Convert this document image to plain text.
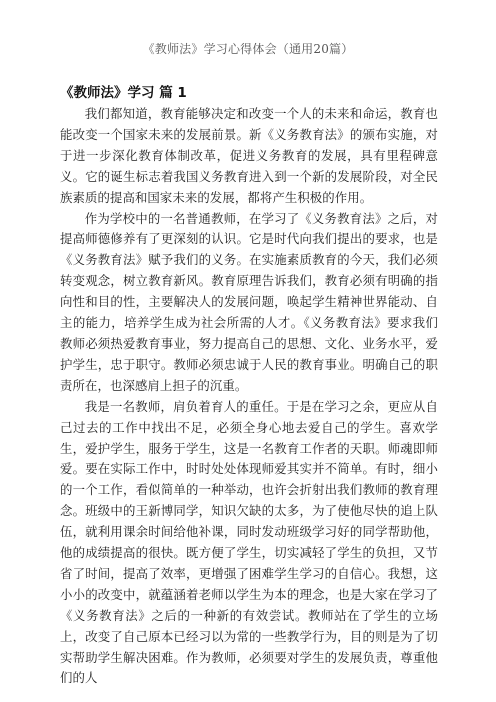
《教师法》学习心得体会（通用20篇）
《教师法》学习 篇 1

我们都知道，教育能够决定和改变一个人的未来和命运，教育也能改变一个国家未来的发展前景。新《义务教育法》的颁布实施，对于进一步深化教育体制改革，促进义务教育的发展，具有里程碑意义。它的诞生标志着我国义务教育进入到一个新的发展阶段，对全民族素质的提高和国家未来的发展，都将产生积极的作用。

作为学校中的一名普通教师，在学习了《义务教育法》之后，对提高师德修养有了更深刻的认识。它是时代向我们提出的要求，也是《义务教育法》赋予我们的义务。在实施素质教育的今天，我们必须转变观念，树立教育新风。教育原理告诉我们，教育必须有明确的指向性和目的性，主要解决人的发展问题，唤起学生精神世界能动、自主的能力，培养学生成为社会所需的人才。《义务教育法》要求我们教师必须热爱教育事业，努力提高自己的思想、文化、业务水平，爱护学生，忠于职守。教师必须忠诚于人民的教育事业。明确自己的职责所在，也深感肩上担子的沉重。

我是一名教师，肩负着育人的重任。于是在学习之余，更应从自己过去的工作中找出不足，必须全身心地去爱自己的学生。喜欢学生，爱护学生，服务于学生，这是一名教育工作者的天职。师魂即师爱。要在实际工作中，时时处处体现师爱其实并不简单。有时，细小的一个工作，看似简单的一种举动，也许会折射出我们教师的教育理念。班级中的王新博同学，知识欠缺的太多，为了使他尽快的追上队伍，就利用课余时间给他补课，同时发动班级学习好的同学帮助他，他的成绩提高的很快。既方便了学生，切实减轻了学生的负担，又节省了时间，提高了效率，更增强了困难学生学习的自信心。我想，这小小的改变中，就蕴涵着老师以学生为本的理念，也是大家在学习了《义务教育法》之后的一种新的有效尝试。教师站在了学生的立场上，改变了自己原本已经习以为常的一些教学行为，目的则是为了切实帮助学生解决困难。作为教师，必须要对学生的发展负责，尊重他们的人
